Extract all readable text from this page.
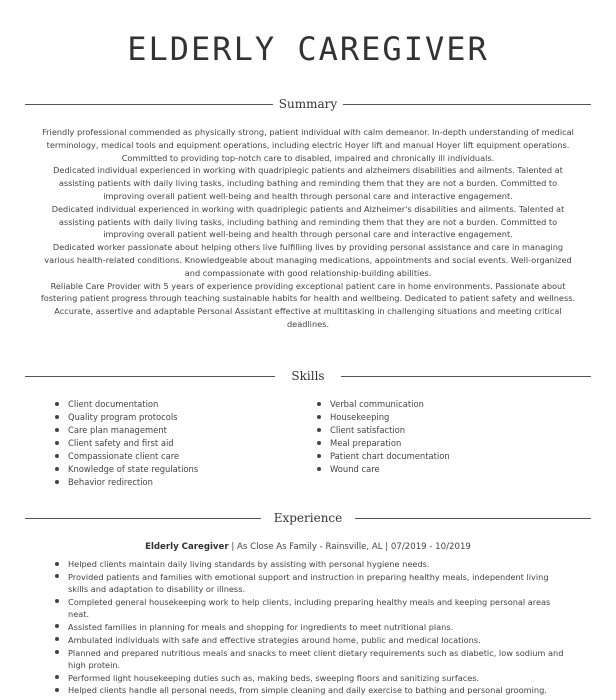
ELDERLY CAREGIVER
Summary

Friendly professional commended as physically strong, patient individual with calm demeanor. In-depth understanding of medical terminology, medical tools and equipment operations, including electric Hoyer lift and manual Hoyer lift equipment operations. Committed to providing top-notch care to disabled, impaired and chronically ill individuals.

Dedicated individual experienced in working with quadriplegic patients and alzheimers disabilities and ailments. Talented at assisting patients with daily living tasks, including bathing and reminding them that they are not a burden. Committed to improving overall patient well-being and health through personal care and interactive engagement.

Dedicated individual experienced in working with quadriplegic patients and Alzheimer's disabilities and ailments. Talented at assisting patients with daily living tasks, including bathing and reminding them that they are not a burden. Committed to improving overall patient well-being and health through personal care and interactive engagement.

Dedicated worker passionate about helping others live fulfilling lives by providing personal assistance and care in managing various health-related conditions. Knowledgeable about managing medications, appointments and social events. Well-organized and compassionate with good relationship-building abilities.

Reliable Care Provider with 5 years of experience providing exceptional patient care in home environments. Passionate about fostering patient progress through teaching sustainable habits for health and wellbeing. Dedicated to patient safety and wellness.

Accurate, assertive and adaptable Personal Assistant effective at multitasking in challenging situations and meeting critical deadlines.

Skills
Client documentation
Quality program protocols
Care plan management
Client safety and first aid
Compassionate client care
Knowledge of state regulations
Behavior redirection
Verbal communication
Housekeeping
Client satisfaction
Meal preparation
Patient chart documentation
Wound care
Experience
Elderly Caregiver | As Close As Family - Rainsville, AL | 07/2019 - 10/2019
Helped clients maintain daily living standards by assisting with personal hygiene needs.
Provided patients and families with emotional support and instruction in preparing healthy meals, independent living skills and adaptation to disability or illness.
Completed general housekeeping work to help clients, including preparing healthy meals and keeping personal areas neat.
Assisted families in planning for meals and shopping for ingredients to meet nutritional plans.
Ambulated individuals with safe and effective strategies around home, public and medical locations.
Planned and prepared nutritious meals and snacks to meet client dietary requirements such as diabetic, low sodium and high protein.
Performed light housekeeping duties such as, making beds, sweeping floors and sanitizing surfaces.
Helped clients handle all personal needs, from simple cleaning and daily exercise to bathing and personal grooming.
